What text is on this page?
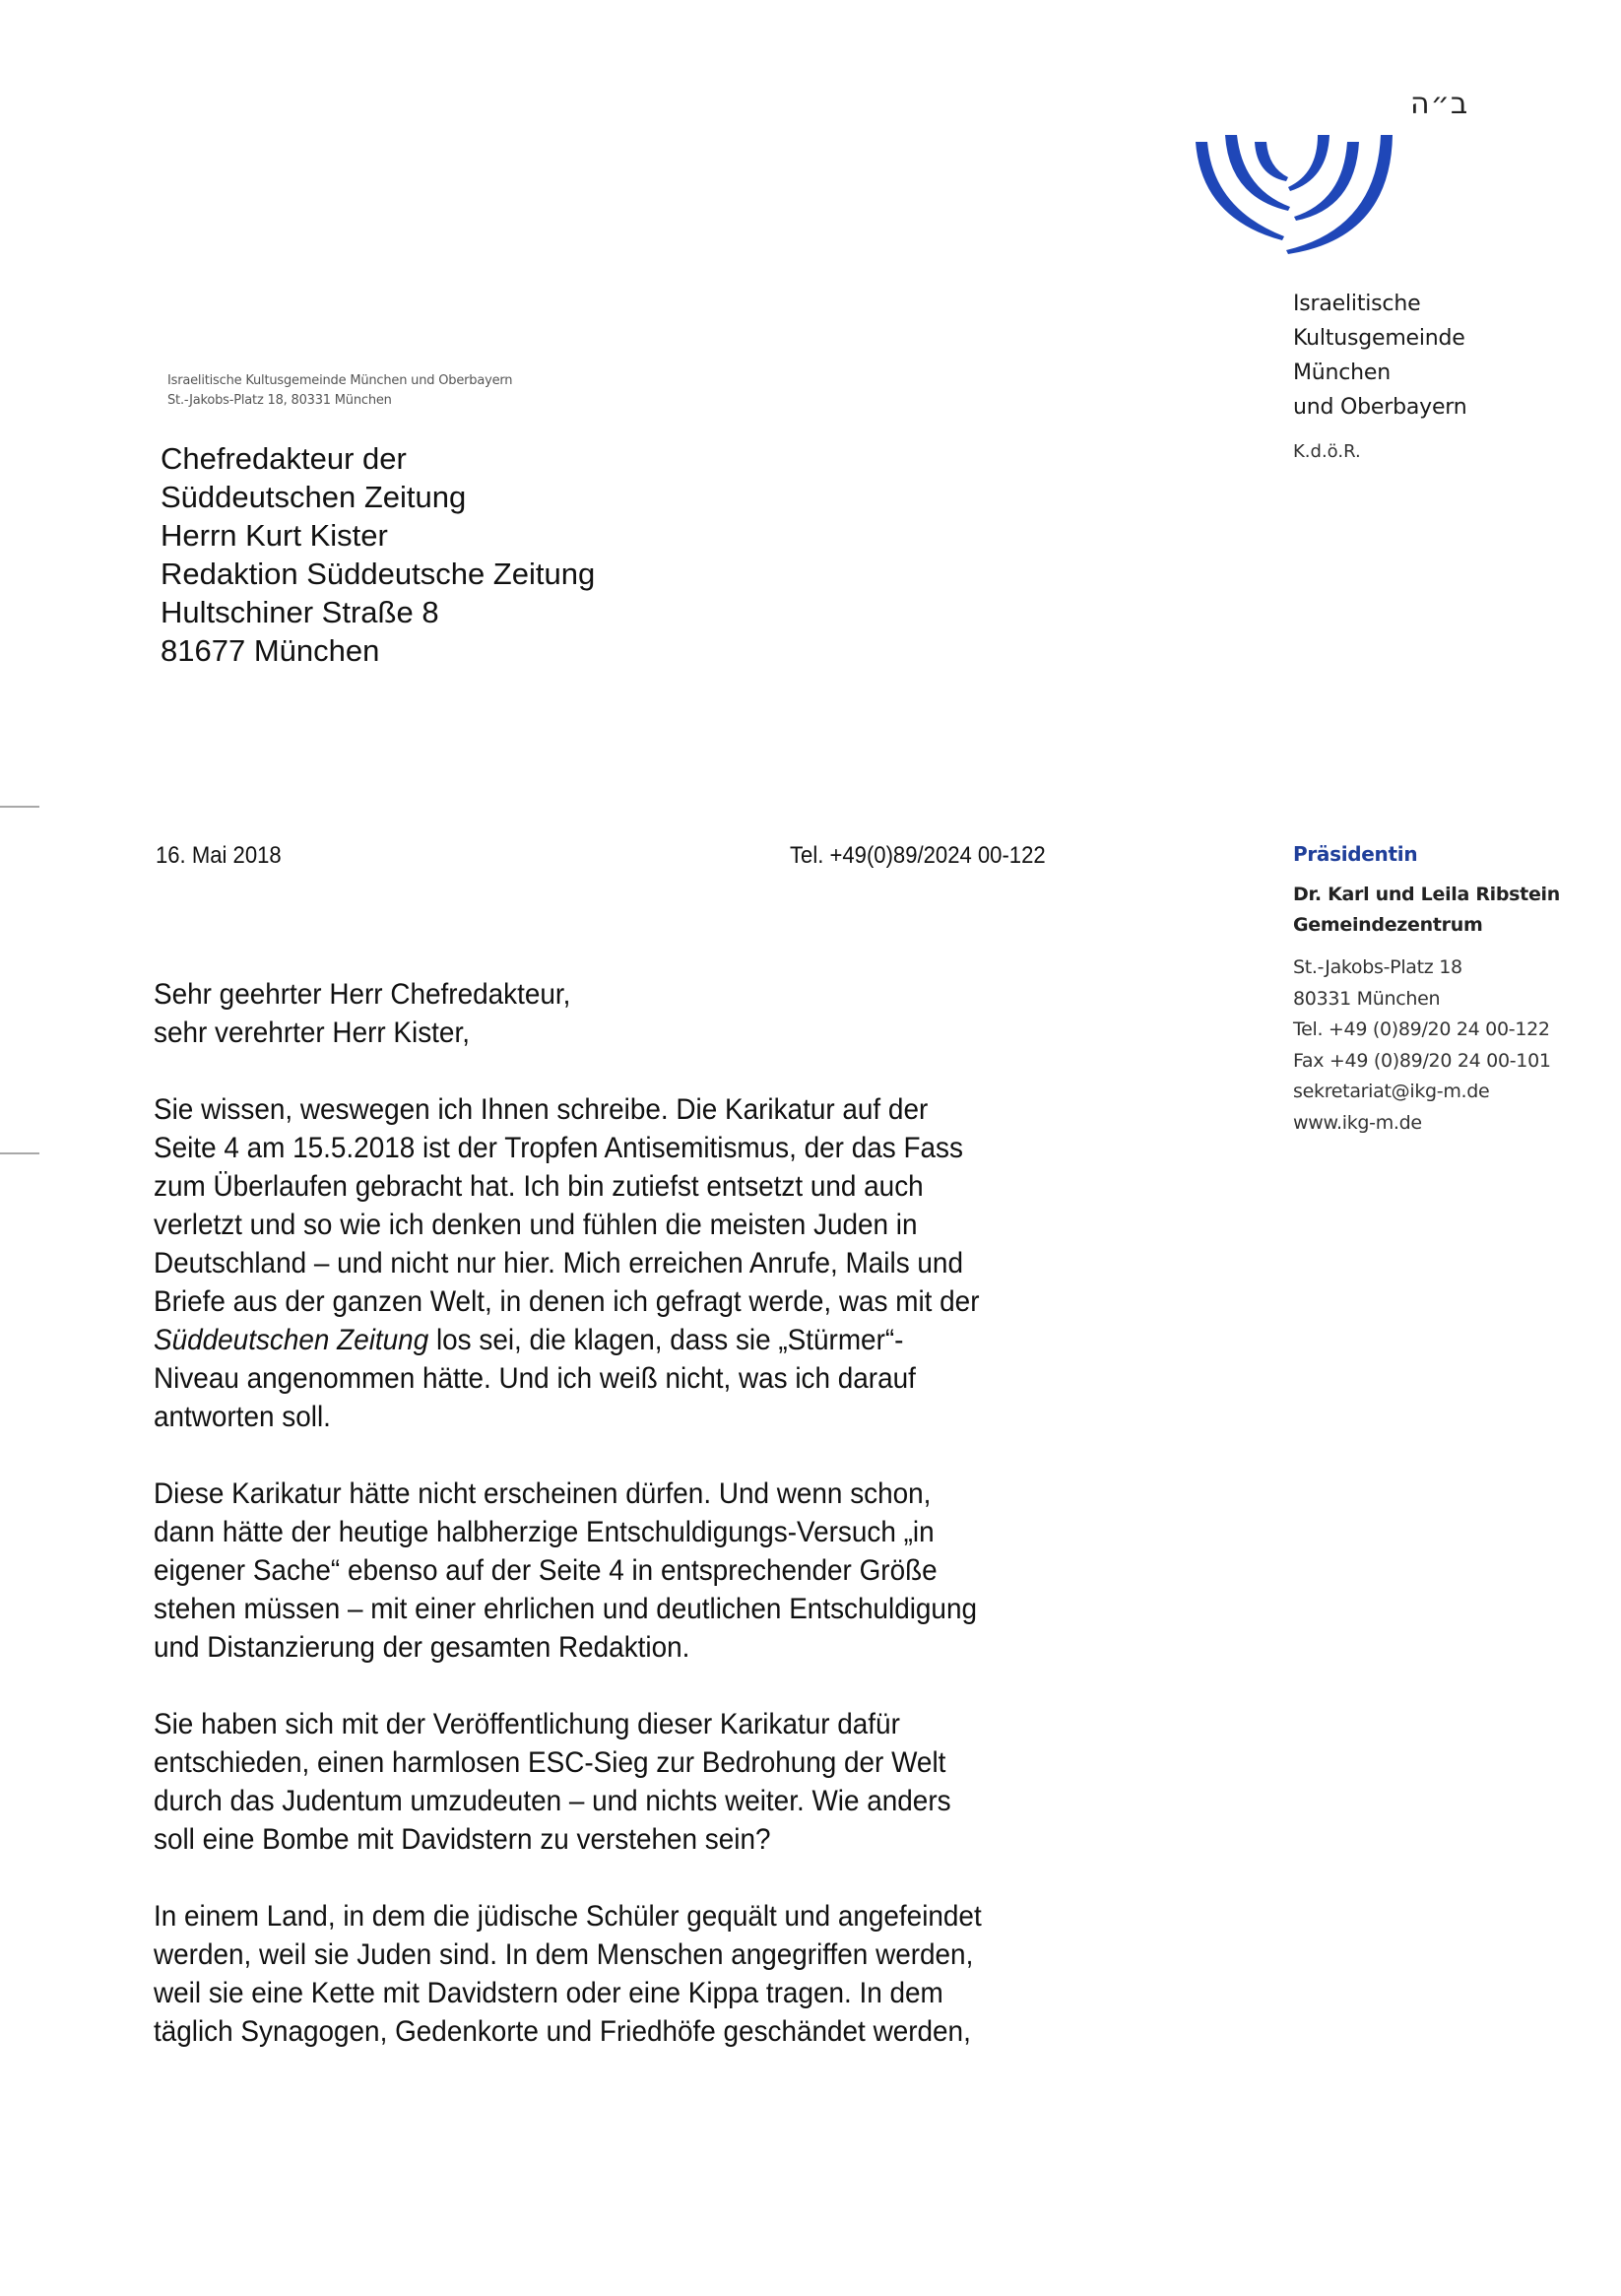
ב״ה
Israelitische
Kultusgemeinde
München
und Oberbayern
K.d.ö.R.
Israelitische Kultusgemeinde München und Oberbayern
St.-Jakobs-Platz 18, 80331 München
Chefredakteur der
Süddeutschen Zeitung
Herrn Kurt Kister
Redaktion Süddeutsche Zeitung
Hultschiner Straße 8
81677 München
16. Mai 2018	Tel. +49(0)89/2024 00-122	Präsidentin
Dr. Karl und Leila Ribstein
Gemeindezentrum
St.-Jakobs-Platz 18
80331 München
Tel. +49 (0)89/20 24 00-122
Fax +49 (0)89/20 24 00-101
sekretariat@ikg-m.de
www.ikg-m.de
Sehr geehrter Herr Chefredakteur,
sehr verehrter Herr Kister,
Sie wissen, weswegen ich Ihnen schreibe. Die Karikatur auf der
Seite 4 am 15.5.2018 ist der Tropfen Antisemitismus, der das Fass
zum Überlaufen gebracht hat. Ich bin zutiefst entsetzt und auch
verletzt und so wie ich denken und fühlen die meisten Juden in
Deutschland – und nicht nur hier. Mich erreichen Anrufe, Mails und
Briefe aus der ganzen Welt, in denen ich gefragt werde, was mit der
Süddeutschen Zeitung los sei, die klagen, dass sie „Stürmer“-
Niveau angenommen hätte. Und ich weiß nicht, was ich darauf
antworten soll.
Diese Karikatur hätte nicht erscheinen dürfen. Und wenn schon,
dann hätte der heutige halbherzige Entschuldigungs-Versuch „in
eigener Sache“ ebenso auf der Seite 4 in entsprechender Größe
stehen müssen – mit einer ehrlichen und deutlichen Entschuldigung
und Distanzierung der gesamten Redaktion.
Sie haben sich mit der Veröffentlichung dieser Karikatur dafür
entschieden, einen harmlosen ESC-Sieg zur Bedrohung der Welt
durch das Judentum umzudeuten – und nichts weiter. Wie anders
soll eine Bombe mit Davidstern zu verstehen sein?
In einem Land, in dem die jüdische Schüler gequält und angefeindet
werden, weil sie Juden sind. In dem Menschen angegriffen werden,
weil sie eine Kette mit Davidstern oder eine Kippa tragen. In dem
täglich Synagogen, Gedenkorte und Friedhöfe geschändet werden,
